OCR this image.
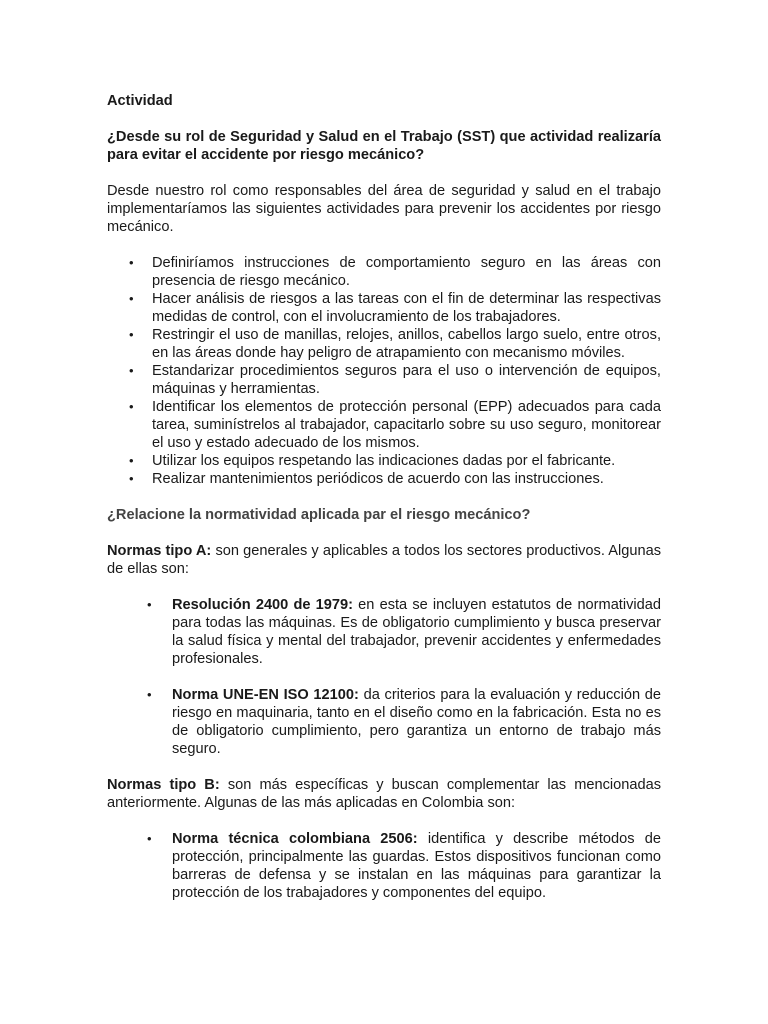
Actividad

¿Desde su rol de Seguridad y Salud en el Trabajo (SST) que actividad realizaría para evitar el accidente por riesgo mecánico?

Desde nuestro rol como responsables del área de seguridad y salud en el trabajo implementaríamos las siguientes actividades para prevenir los accidentes por riesgo mecánico.

• Definiríamos instrucciones de comportamiento seguro en las áreas con presencia de riesgo mecánico.
• Hacer análisis de riesgos a las tareas con el fin de determinar las respectivas medidas de control, con el involucramiento de los trabajadores.
• Restringir el uso de manillas, relojes, anillos, cabellos largo suelo, entre otros, en las áreas donde hay peligro de atrapamiento con mecanismo móviles.
• Estandarizar procedimientos seguros para el uso o intervención de equipos, máquinas y herramientas.
• Identificar los elementos de protección personal (EPP) adecuados para cada tarea, suminístrelos al trabajador, capacitarlo sobre su uso seguro, monitorear el uso y estado adecuado de los mismos.
• Utilizar los equipos respetando las indicaciones dadas por el fabricante.
• Realizar mantenimientos periódicos de acuerdo con las instrucciones.

¿Relacione la normatividad aplicada par el riesgo mecánico?

Normas tipo A: son generales y aplicables a todos los sectores productivos. Algunas de ellas son:

• Resolución 2400 de 1979: en esta se incluyen estatutos de normatividad para todas las máquinas. Es de obligatorio cumplimiento y busca preservar la salud física y mental del trabajador, prevenir accidentes y enfermedades profesionales.
• Norma UNE-EN ISO 12100: da criterios para la evaluación y reducción de riesgo en maquinaria, tanto en el diseño como en la fabricación. Esta no es de obligatorio cumplimiento, pero garantiza un entorno de trabajo más seguro.

Normas tipo B: son más específicas y buscan complementar las mencionadas anteriormente. Algunas de las más aplicadas en Colombia son:

• Norma técnica colombiana 2506: identifica y describe métodos de protección, principalmente las guardas. Estos dispositivos funcionan como barreras de defensa y se instalan en las máquinas para garantizar la protección de los trabajadores y componentes del equipo.
